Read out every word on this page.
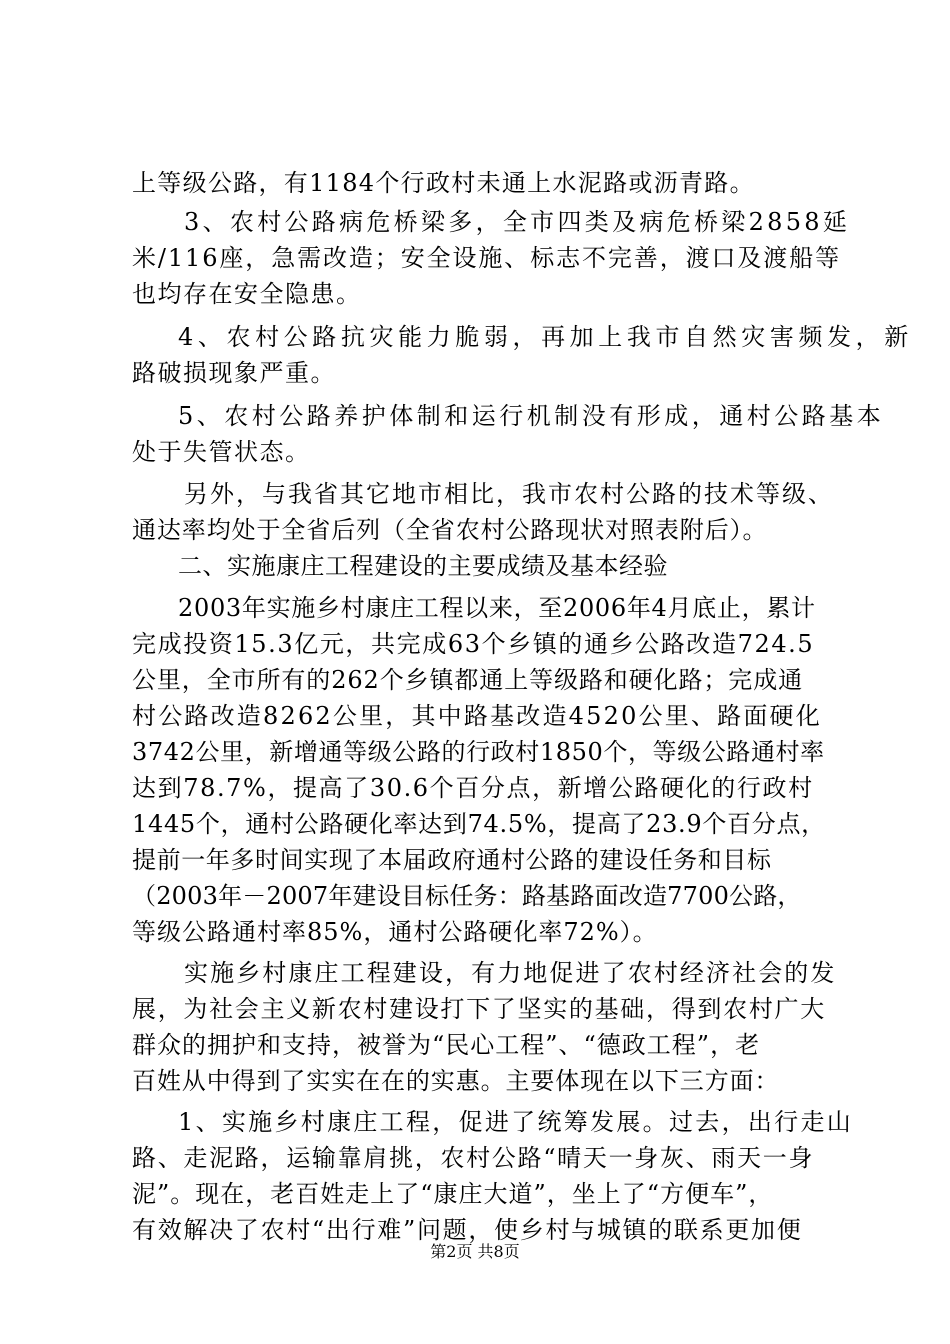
上等级公路，有1184个行政村未通上水泥路或沥青路。
3、农村公路病危桥梁多，全市四类及病危桥梁2858延
米/116座，急需改造；安全设施、标志不完善，渡口及渡船等
也均存在安全隐患。
4、农村公路抗灾能力脆弱，再加上我市自然灾害频发，新
路破损现象严重。
5、农村公路养护体制和运行机制没有形成，通村公路基本
处于失管状态。
另外，与我省其它地市相比，我市农村公路的技术等级、
通达率均处于全省后列（全省农村公路现状对照表附后）。
二、实施康庄工程建设的主要成绩及基本经验
2003年实施乡村康庄工程以来，至2006年4月底止，累计
完成投资15.3亿元，共完成63个乡镇的通乡公路改造724.5
公里，全市所有的262个乡镇都通上等级路和硬化路；完成通
村公路改造8262公里，其中路基改造4520公里、路面硬化
3742公里，新增通等级公路的行政村1850个，等级公路通村率
达到78.7%，提高了30.6个百分点，新增公路硬化的行政村
1445个，通村公路硬化率达到74.5%，提高了23.9个百分点，
提前一年多时间实现了本届政府通村公路的建设任务和目标
（2003年－2007年建设目标任务：路基路面改造7700公路，
等级公路通村率85%，通村公路硬化率72%）。
实施乡村康庄工程建设，有力地促进了农村经济社会的发
展，为社会主义新农村建设打下了坚实的基础，得到农村广大
群众的拥护和支持，被誉为“民心工程”、“德政工程”，老
百姓从中得到了实实在在的实惠。主要体现在以下三方面：
1、实施乡村康庄工程，促进了统筹发展。过去，出行走山
路、走泥路，运输靠肩挑，农村公路“晴天一身灰、雨天一身
泥”。现在，老百姓走上了“康庄大道”，坐上了“方便车”，
有效解决了农村“出行难”问题，使乡村与城镇的联系更加便
第2页 共8页
